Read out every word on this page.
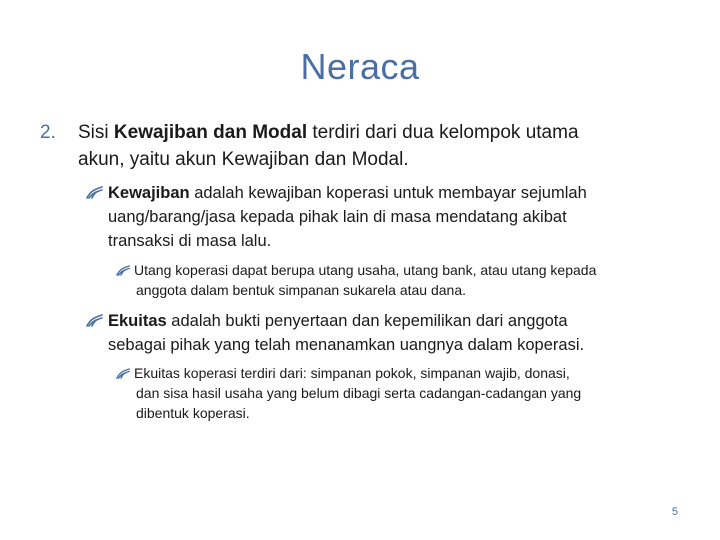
Neraca
2. Sisi Kewajiban dan Modal terdiri dari dua kelompok utama
akun, yaitu akun Kewajiban dan Modal.
Kewajiban adalah kewajiban koperasi untuk membayar sejumlah
uang/barang/jasa kepada pihak lain di masa mendatang akibat
transaksi di masa lalu.
Utang koperasi dapat berupa utang usaha, utang bank, atau utang kepada
anggota dalam bentuk simpanan sukarela atau dana.
Ekuitas adalah bukti penyertaan dan kepemilikan dari anggota
sebagai pihak yang telah menanamkan uangnya dalam koperasi.
Ekuitas koperasi terdiri dari: simpanan pokok, simpanan wajib, donasi,
dan sisa hasil usaha yang belum dibagi serta cadangan-cadangan yang
dibentuk koperasi.
5
